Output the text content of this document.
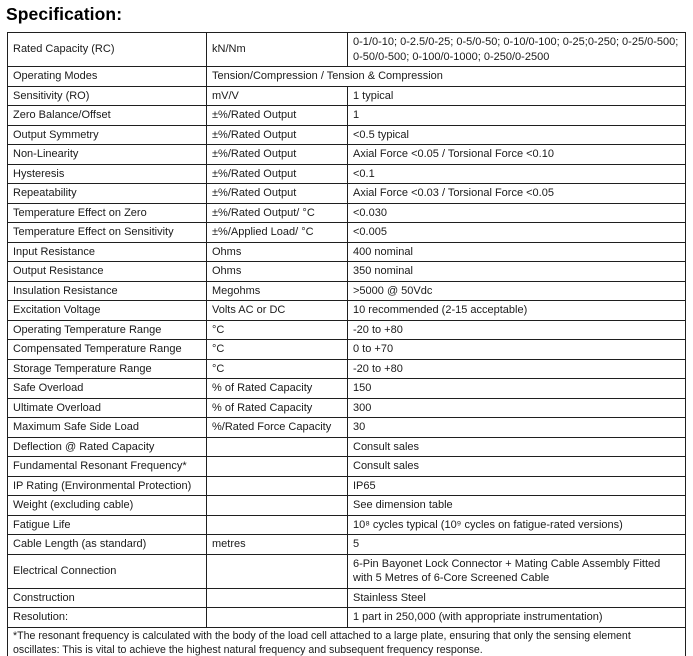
Specification:
Rated Capacity (RC)	kN/Nm	0-1/0-10; 0-2.5/0-25; 0-5/0-50; 0-10/0-100; 0-25;0-250; 0-25/0-500; 0-50/0-500; 0-100/0-1000; 0-250/0-2500
Operating Modes	Tension/Compression / Tension & Compression	
Sensitivity (RO)	mV/V	1 typical
Zero Balance/Offset	±%/Rated Output	1
Output Symmetry	±%/Rated Output	<0.5 typical
Non-Linearity	±%/Rated Output	Axial Force <0.05 / Torsional Force <0.10
Hysteresis	±%/Rated Output	<0.1
Repeatability	±%/Rated Output	Axial Force <0.03 / Torsional Force <0.05
Temperature Effect on Zero	±%/Rated Output/ °C	<0.030
Temperature Effect on Sensitivity	±%/Applied Load/ °C	<0.005
Input Resistance	Ohms	400 nominal
Output Resistance	Ohms	350 nominal
Insulation Resistance	Megohms	>5000 @ 50Vdc
Excitation Voltage	Volts AC or DC	10 recommended (2-15 acceptable)
Operating Temperature Range	°C	-20 to +80
Compensated Temperature Range	°C	0 to +70
Storage Temperature Range	°C	-20 to +80
Safe Overload	% of Rated Capacity	150
Ultimate Overload	% of Rated Capacity	300
Maximum Safe Side Load	%/Rated Force Capacity	30
Deflection @ Rated Capacity		Consult sales
Fundamental Resonant Frequency*		Consult sales
IP Rating (Environmental Protection)		IP65
Weight (excluding cable)		See dimension table
Fatigue Life		10⁸ cycles typical (10⁹ cycles on fatigue-rated versions)
Cable Length (as standard)	metres	5
Electrical Connection		6-Pin Bayonet Lock Connector + Mating Cable Assembly Fitted with 5 Metres of 6-Core Screened Cable
Construction		Stainless Steel
Resolution:		1 part in 250,000 (with appropriate instrumentation)
*The resonant frequency is calculated with the body of the load cell attached to a large plate, ensuring that only the sensing element oscillates: This is vital to achieve the highest natural frequency and subsequent frequency response.		
